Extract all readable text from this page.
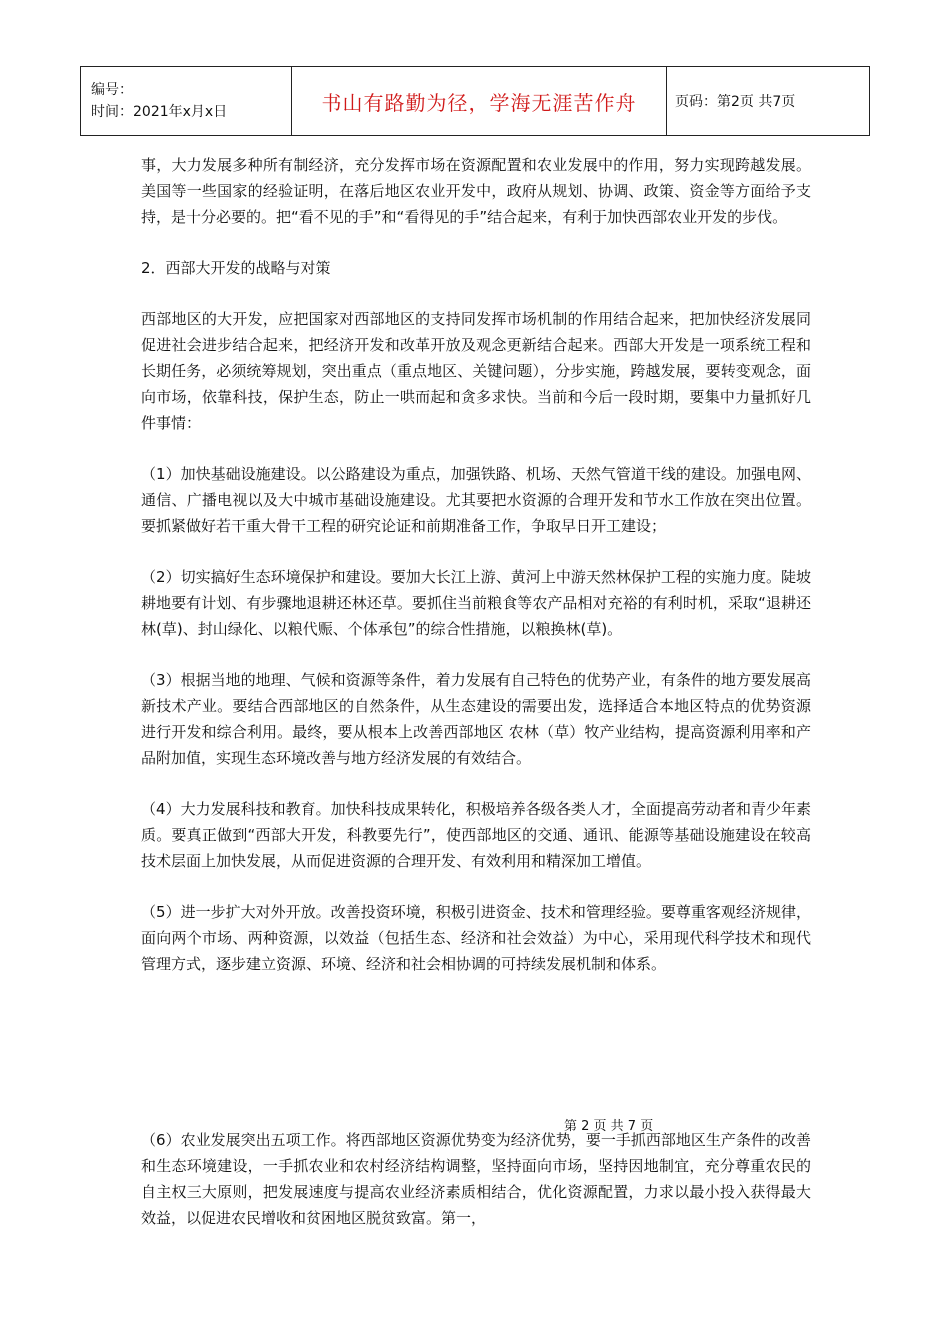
编号：
时间：2021年x月x日	书山有路勤为径，学海无涯苦作舟	页码：第2页 共7页

事，大力发展多种所有制经济，充分发挥市场在资源配置和农业发展中的作用，努力实现跨越发展。美国等一些国家的经验证明，在落后地区农业开发中，政府从规划、协调、政策、资金等方面给予支持，是十分必要的。把“看不见的手”和“看得见的手”结合起来，有利于加快西部农业开发的步伐。

2．西部大开发的战略与对策

西部地区的大开发，应把国家对西部地区的支持同发挥市场机制的作用结合起来，把加快经济发展同促进社会进步结合起来，把经济开发和改革开放及观念更新结合起来。西部大开发是一项系统工程和长期任务，必须统筹规划，突出重点（重点地区、关键问题），分步实施，跨越发展，要转变观念，面向市场，依靠科技，保护生态，防止一哄而起和贪多求快。当前和今后一段时期，要集中力量抓好几件事情：

（1）加快基础设施建设。以公路建设为重点，加强铁路、机场、天然气管道干线的建设。加强电网、通信、广播电视以及大中城市基础设施建设。尤其要把水资源的合理开发和节水工作放在突出位置。要抓紧做好若干重大骨干工程的研究论证和前期准备工作，争取早日开工建设；

（2）切实搞好生态环境保护和建设。要加大长江上游、黄河上中游天然林保护工程的实施力度。陡坡耕地要有计划、有步骤地退耕还林还草。要抓住当前粮食等农产品相对充裕的有利时机，采取“退耕还林(草)、封山绿化、以粮代赈、个体承包”的综合性措施，以粮换林(草)。

（3）根据当地的地理、气候和资源等条件，着力发展有自己特色的优势产业，有条件的地方要发展高新技术产业。要结合西部地区的自然条件，从生态建设的需要出发，选择适合本地区特点的优势资源进行开发和综合利用。最终，要从根本上改善西部地区 农林（草）牧产业结构，提高资源利用率和产品附加值，实现生态环境改善与地方经济发展的有效结合。

（4）大力发展科技和教育。加快科技成果转化，积极培养各级各类人才，全面提高劳动者和青少年素质。要真正做到“西部大开发，科教要先行”，使西部地区的交通、通讯、能源等基础设施建设在较高技术层面上加快发展，从而促进资源的合理开发、有效利用和精深加工增值。

（5）进一步扩大对外开放。改善投资环境，积极引进资金、技术和管理经验。要尊重客观经济规律，面向两个市场、两种资源，以效益（包括生态、经济和社会效益）为中心，采用现代科学技术和现代管理方式，逐步建立资源、环境、经济和社会相协调的可持续发展机制和体系。

第 2 页 共 7 页

（6）农业发展突出五项工作。将西部地区资源优势变为经济优势，要一手抓西部地区生产条件的改善和生态环境建设，一手抓农业和农村经济结构调整，坚持面向市场，坚持因地制宜，充分尊重农民的自主权三大原则，把发展速度与提高农业经济素质相结合，优化资源配置，力求以最小投入获得最大效益，以促进农民增收和贫困地区脱贫致富。第一，
